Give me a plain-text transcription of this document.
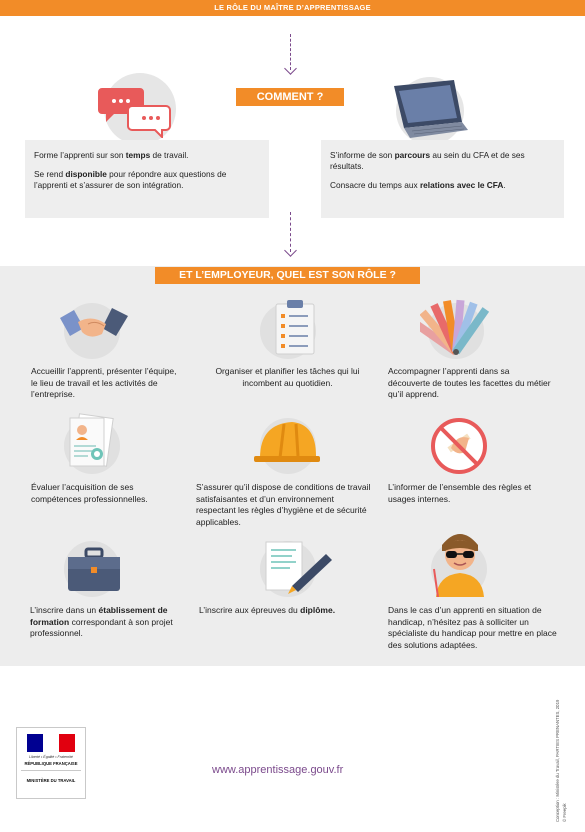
LE RÔLE DU MAÎTRE D’APPRENTISSAGE
COMMENT ?

Forme l’apprenti sur son temps de travail.

Se rend disponible pour répondre aux questions de l’apprenti et s’assurer de son intégration.

S’informe de son parcours au sein du CFA et de ses résultats.

Consacre du temps aux relations avec le CFA.

ET L’EMPLOYEUR, QUEL EST SON RÔLE ?
Accueillir l’apprenti, présenter l’équipe, le lieu de travail et les activités de l’entreprise.
Organiser et planifier les tâches qui lui incombent au quotidien.
Accompagner l’apprenti dans sa découverte de toutes les facettes du métier qu’il apprend.
Évaluer l’acquisition de ses compétences professionnelles.
S’assurer qu’il dispose de conditions de travail satisfaisantes et d’un environnement respectant les règles d’hygiène et de sécurité applicables.
L’informer de l’ensemble des règles et usages internes.
L’inscrire dans un établissement de formation correspondant à son projet professionnel.
L’inscrire aux épreuves du diplôme.	Dans le cas d’un apprenti en situation de handicap, n’hésitez pas à solliciter un spécialiste du handicap pour mettre en place des solutions adaptées.
Liberté • Égalité • Fraternité
RÉPUBLIQUE FRANÇAISE
MINISTÈRE DU TRAVAIL
www.apprentissage.gouv.fr	Conception : Ministère du Travail, PARTIES PRENANTES, 2019 © Freepik
